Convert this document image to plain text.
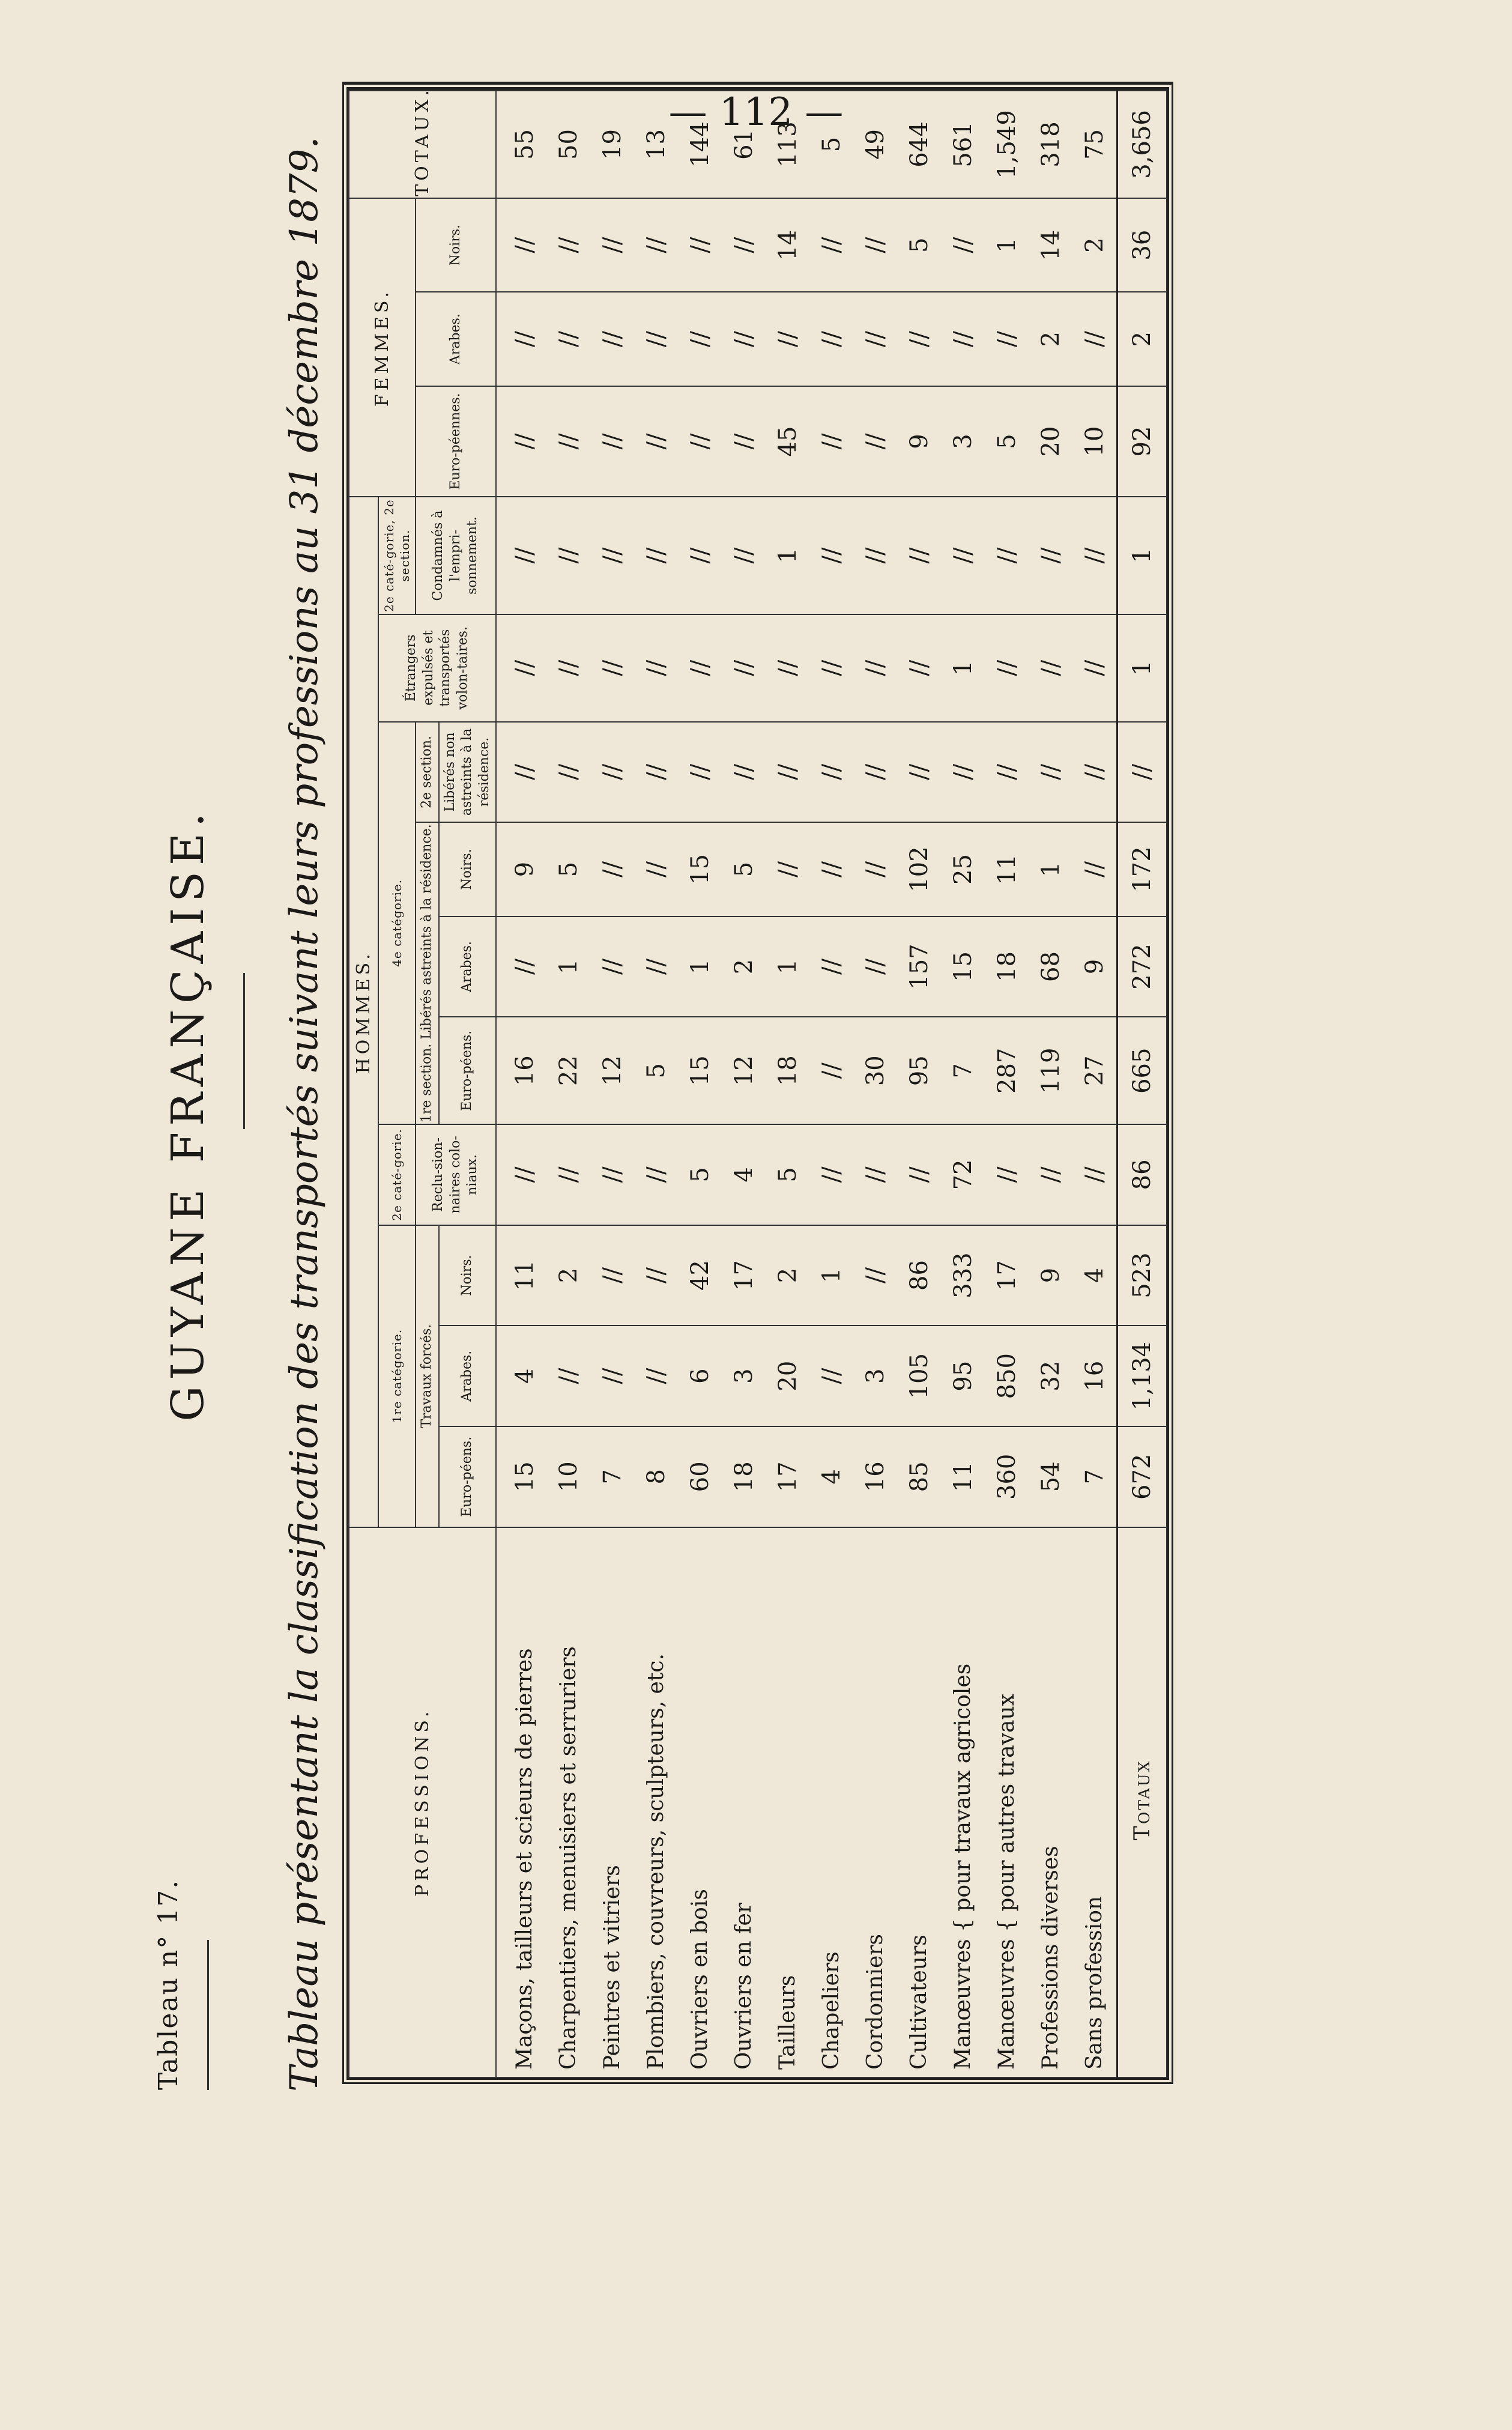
— 112 —
Tableau n° 17.
GUYANE FRANÇAISE. Tableau présentant la classification des transportés suivant leurs professions au 31 décembre 1879.	PROFESSIONS.	HOMMES.										FEMMES.			TOTAUX.
	1re catégorie.			2e caté-gorie.	4e catégorie.				Étrangers expulsés et transportés volon-taires.	2e caté-gorie, 2e section.				
	Travaux forcés.			Reclu-sion-naires colo-niaux.	1re section. Libérés astreints à la résidence.			2e section.		Condamnés à l'empri-sonnement.	Euro-péennes.	Arabes.	Noirs.	
	Euro-péens.	Arabes.	Noirs.		Euro-péens.	Arabes.	Noirs.	Libérés non astreints à la résidence.						
Maçons, tailleurs et scieurs de pierres	15	4	11	//	16	//	9	//	//	//	//	//	//	55
Charpentiers, menuisiers et serruriers	10	//	2	//	22	1	5	//	//	//	//	//	//	50
Peintres et vitriers	7	//	//	//	12	//	//	//	//	//	//	//	//	19
Plombiers, couvreurs, sculpteurs, etc.	8	//	//	//	5	//	//	//	//	//	//	//	//	13
Ouvriers en bois	60	6	42	5	15	1	15	//	//	//	//	//	//	144
Ouvriers en fer	18	3	17	4	12	2	5	//	//	//	//	//	//	61
Tailleurs	17	20	2	5	18	1	//	//	//	1	45	//	14	113
Chapeliers	4	//	1	//	//	//	//	//	//	//	//	//	//	5
Cordonniers	16	3	//	//	30	//	//	//	//	//	//	//	//	49
Cultivateurs	85	105	86	//	95	157	102	//	//	//	9	//	5	644
Manœuvres { pour travaux agricoles	11	95	333	72	7	15	25	//	1	//	3	//	//	561
Manœuvres { pour autres travaux	360	850	17	//	287	18	11	//	//	//	5	//	1	1,549
Professions diverses	54	32	9	//	119	68	1	//	//	//	20	2	14	318
Sans profession	7	16	4	//	27	9	//	//	//	//	10	//	2	75
Totaux	672	1,134	523	86	665	272	172	//	1	1	92	2	36	3,656
